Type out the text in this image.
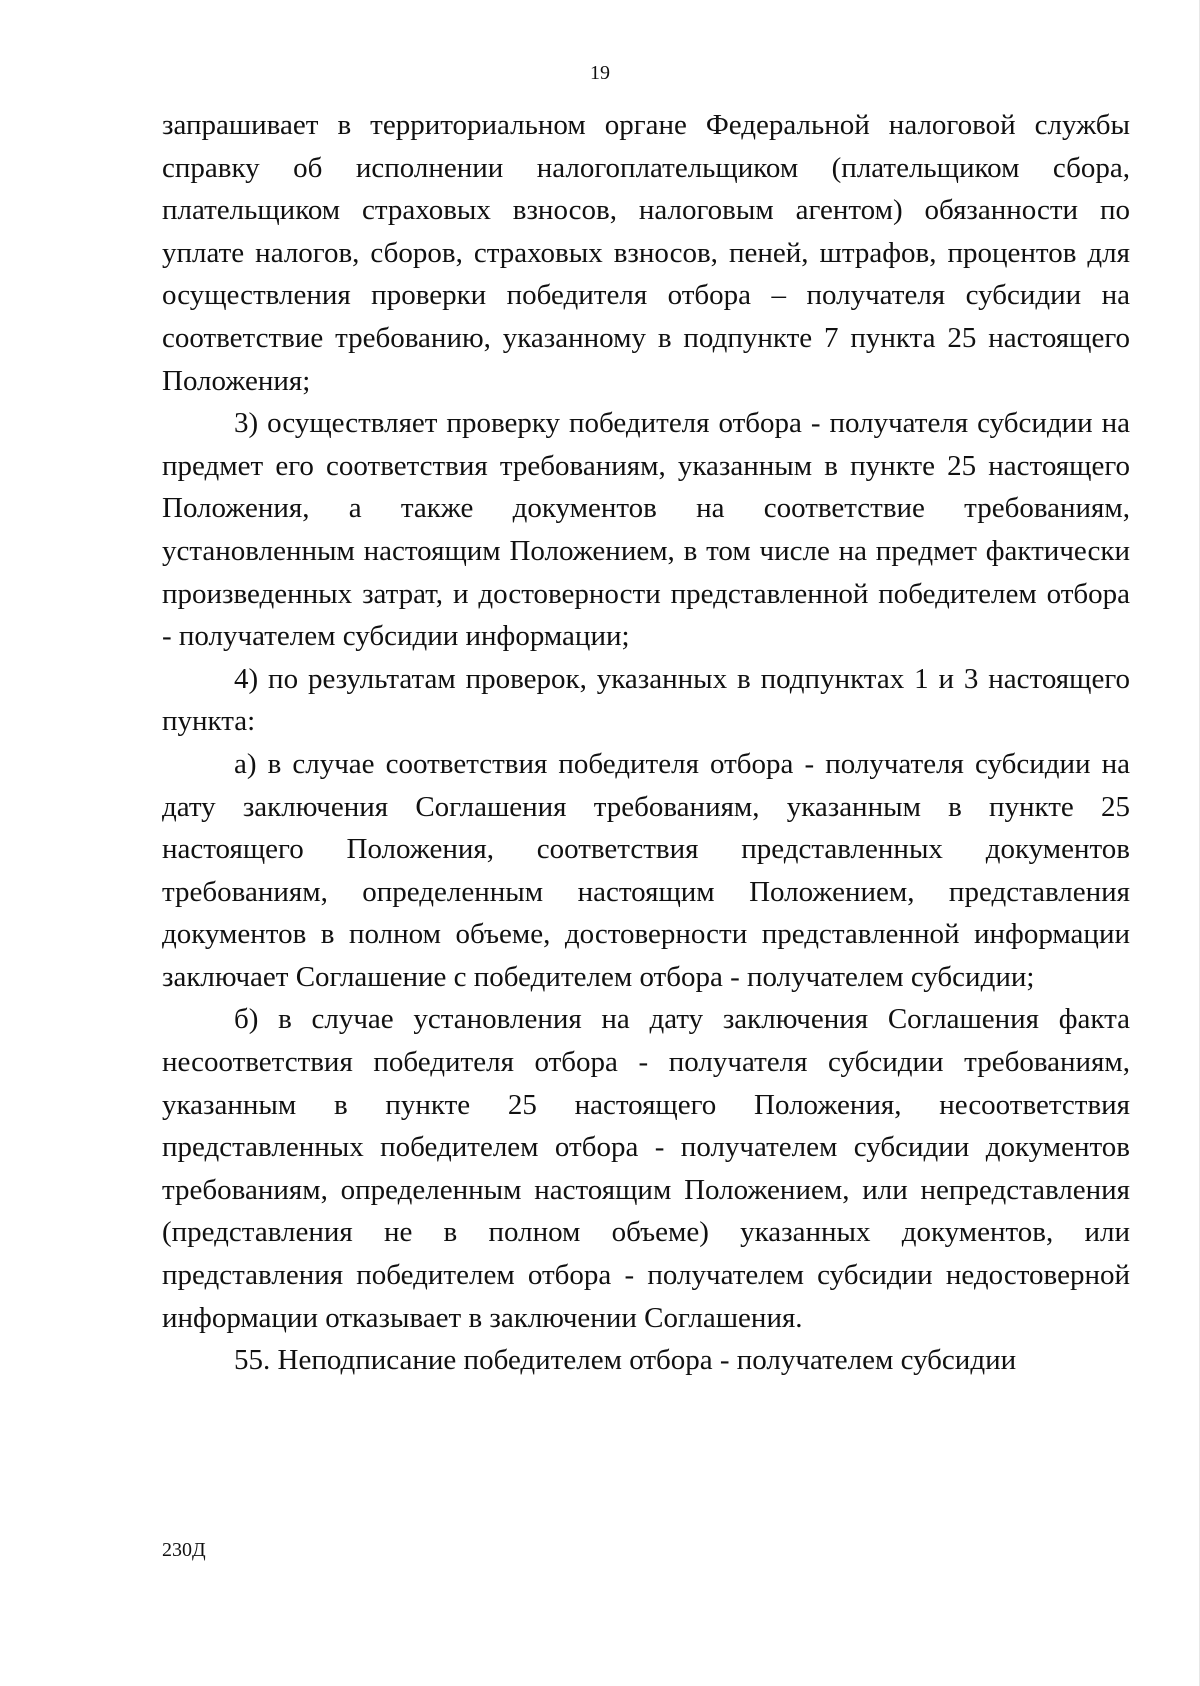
19

запрашивает в территориальном органе Федеральной налоговой службы справку об исполнении налогоплательщиком (плательщиком сбора, плательщиком страховых взносов, налоговым агентом) обязанности по уплате налогов, сборов, страховых взносов, пеней, штрафов, процентов для осуществления проверки победителя отбора – получателя субсидии на соответствие требованию, указанному в подпункте 7 пункта 25 настоящего Положения;

3) осуществляет проверку победителя отбора - получателя субсидии на предмет его соответствия требованиям, указанным в пункте 25 настоящего Положения, а также документов на соответствие требованиям, установленным настоящим Положением, в том числе на предмет фактически произведенных затрат, и достоверности представленной победителем отбора - получателем субсидии информации;

4) по результатам проверок, указанных в подпунктах 1 и 3 настоящего пункта:

а) в случае соответствия победителя отбора - получателя субсидии на дату заключения Соглашения требованиям, указанным в пункте 25 настоящего Положения, соответствия представленных документов требованиям, определенным настоящим Положением, представления документов в полном объеме, достоверности представленной информации заключает Соглашение с победителем отбора - получателем субсидии;

б) в случае установления на дату заключения Соглашения факта несоответствия победителя отбора - получателя субсидии требованиям, указанным в пункте 25 настоящего Положения, несоответствия представленных победителем отбора - получателем субсидии документов требованиям, определенным настоящим Положением, или непредставления (представления не в полном объеме) указанных документов, или представления победителем отбора - получателем субсидии недостоверной информации отказывает в заключении Соглашения.

55. Неподписание победителем отбора - получателем субсидии

230Д
